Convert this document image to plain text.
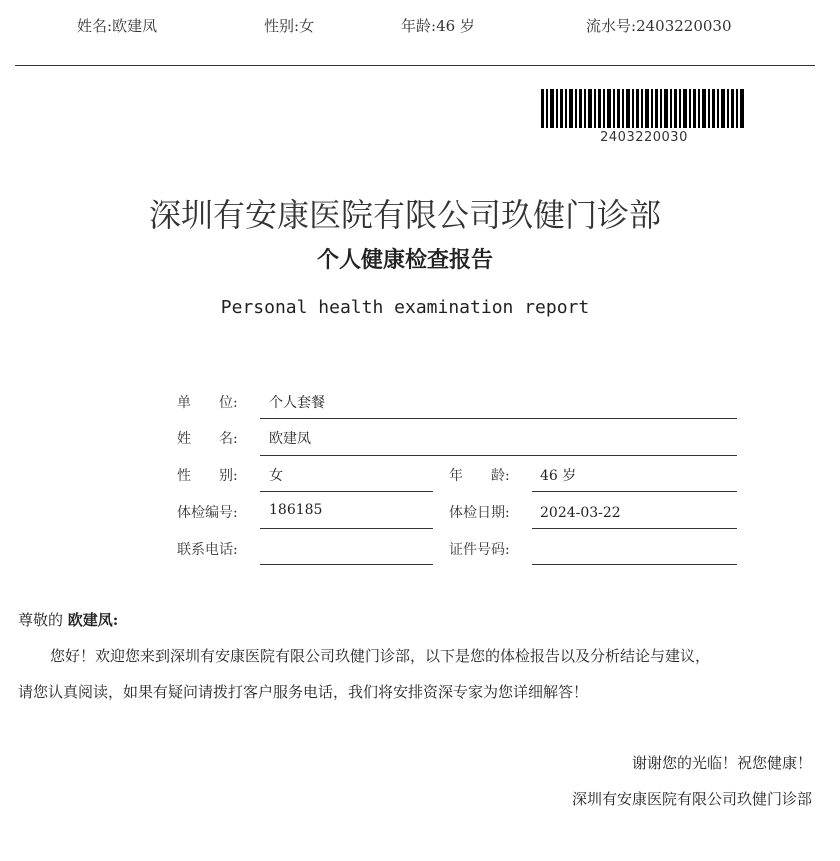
姓名:欧建凤	性别:女	年龄:46 岁	流水号:2403220030
2403220030
深圳有安康医院有限公司玖健门诊部
个人健康检查报告
Personal health examination report
单　　位: 个人套餐
姓　　名: 欧建凤
性　　别: 女	年　　龄: 46 岁
体检编号: 186185	体检日期: 2024-03-22
联系电话:	证件号码:
尊敬的 欧建凤:
您好！欢迎您来到深圳有安康医院有限公司玖健门诊部，以下是您的体检报告以及分析结论与建议，
请您认真阅读，如果有疑问请拨打客户服务电话，我们将安排资深专家为您详细解答！
谢谢您的光临！祝您健康！
深圳有安康医院有限公司玖健门诊部
